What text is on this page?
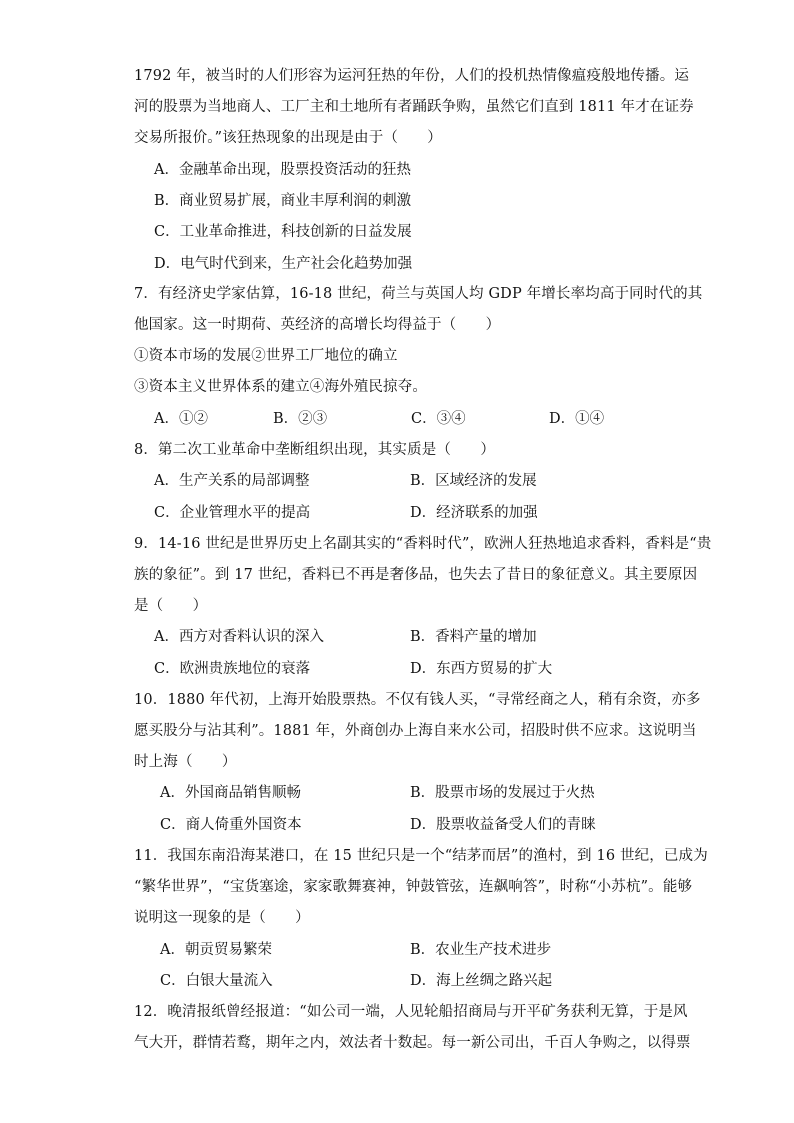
1792 年，被当时的人们形容为运河狂热的年份，人们的投机热情像瘟疫般地传播。运
河的股票为当地商人、工厂主和土地所有者踊跃争购，虽然它们直到 1811 年才在证券
交易所报价。”该狂热现象的出现是由于（　　）
A．金融革命出现，股票投资活动的狂热
B．商业贸易扩展，商业丰厚利润的刺激
C．工业革命推进，科技创新的日益发展
D．电气时代到来，生产社会化趋势加强
7．有经济史学家估算，16-18 世纪，荷兰与英国人均 GDP 年增长率均高于同时代的其
他国家。这一时期荷、英经济的高增长均得益于（　　）
①资本市场的发展②世界工厂地位的确立
③资本主义世界体系的建立④海外殖民掠夺。
A．①②	B．②③	C．③④	D．①④
8．第二次工业革命中垄断组织出现，其实质是（　　）
A．生产关系的局部调整	B．区域经济的发展
C．企业管理水平的提高	D．经济联系的加强
9．14-16 世纪是世界历史上名副其实的“香料时代”，欧洲人狂热地追求香料，香料是“贵
族的象征”。到 17 世纪，香料已不再是奢侈品，也失去了昔日的象征意义。其主要原因
是（　　）
A．西方对香料认识的深入	B．香料产量的增加
C．欧洲贵族地位的衰落	D．东西方贸易的扩大
10．1880 年代初，上海开始股票热。不仅有钱人买，“寻常经商之人，稍有余资，亦多
愿买股分与沾其利”。1881 年，外商创办上海自来水公司，招股时供不应求。这说明当
时上海（　　）
A．外国商品销售顺畅	B．股票市场的发展过于火热
C．商人倚重外国资本	D．股票收益备受人们的青睐
11．我国东南沿海某港口，在 15 世纪只是一个“结茅而居”的渔村，到 16 世纪，已成为
“繁华世界”，“宝货塞途，家家歌舞赛神，钟鼓管弦，连飙响答”，时称“小苏杭”。能够
说明这一现象的是（　　）
A．朝贡贸易繁荣	B．农业生产技术进步
C．白银大量流入	D．海上丝绸之路兴起
12．晚清报纸曾经报道：“如公司一端，人见轮船招商局与开平矿务获利无算，于是风
气大开，群情若鹜，期年之内，效法者十数起。每一新公司出，千百人争购之，以得票
